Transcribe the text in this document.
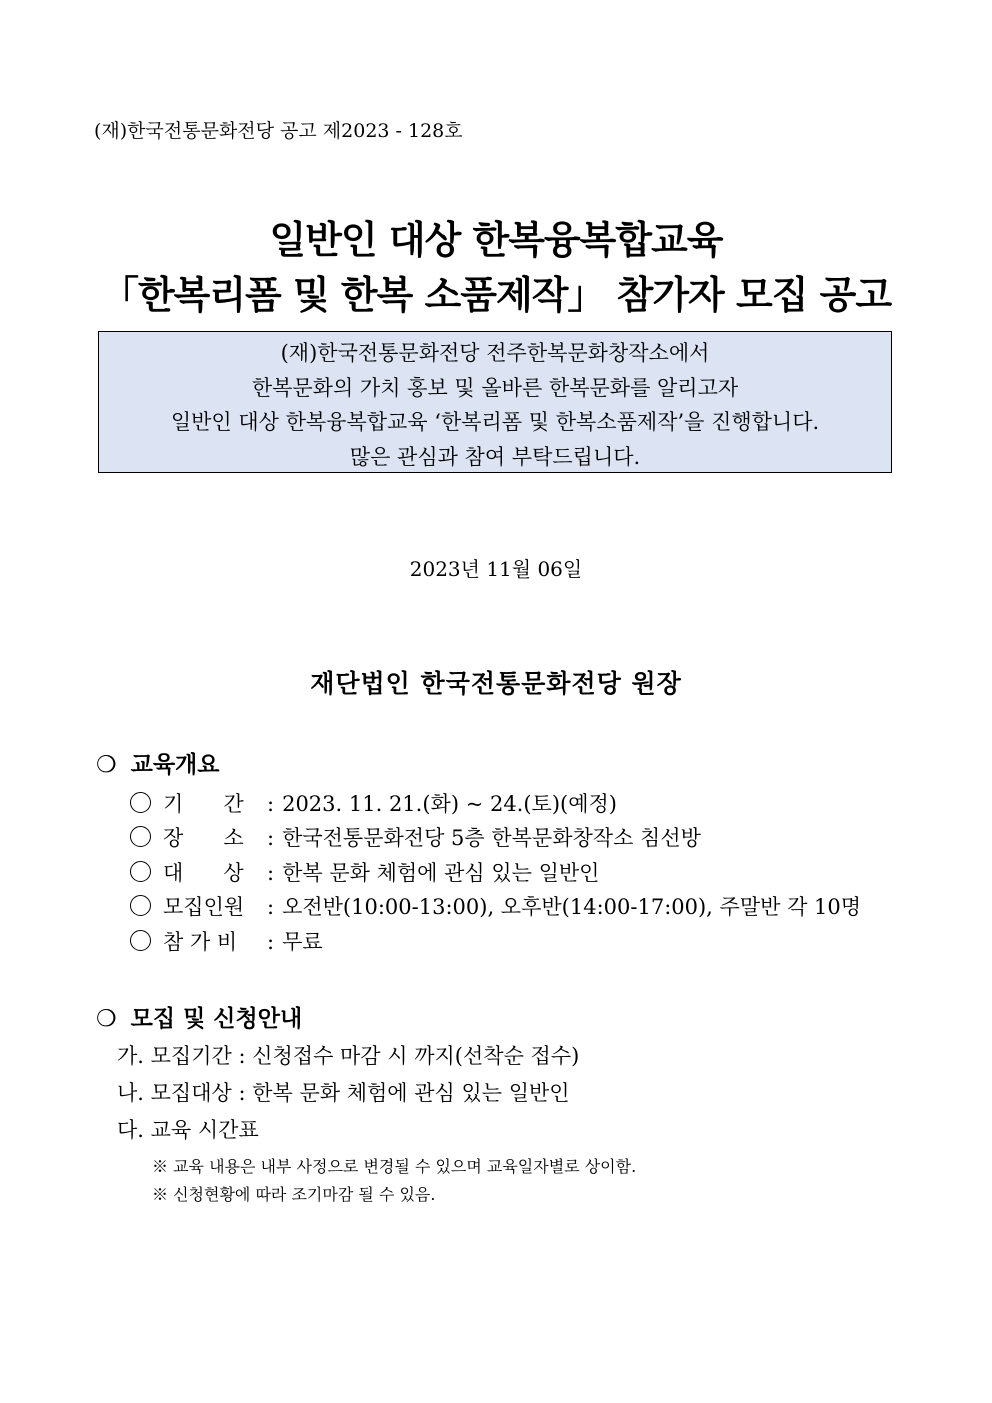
(재)한국전통문화전당 공고 제2023 - 128호
일반인 대상 한복융복합교육
「한복리폼 및 한복 소품제작」 참가자 모집 공고
(재)한국전통문화전당 전주한복문화창작소에서
한복문화의 가치 홍보 및 올바른 한복문화를 알리고자
일반인 대상 한복융복합교육 ‘한복리폼 및 한복소품제작’을 진행합니다.
많은 관심과 참여 부탁드립니다.
2023년 11월 06일
재단법인 한국전통문화전당 원장
❍ 교육개요
기      간 : 2023. 11. 21.(화) ~ 24.(토)(예정)
장      소 : 한국전통문화전당 5층 한복문화창작소 침선방
대      상 : 한복 문화 체험에 관심 있는 일반인
모집인원 : 오전반(10:00-13:00), 오후반(14:00-17:00), 주말반 각 10명
참 가 비 : 무료
❍ 모집 및 신청안내
가. 모집기간 : 신청접수 마감 시 까지(선착순 접수)
나. 모집대상 : 한복 문화 체험에 관심 있는 일반인
다. 교육 시간표
※ 교육 내용은 내부 사정으로 변경될 수 있으며 교육일자별로 상이함.
※ 신청현황에 따라 조기마감 될 수 있음.
